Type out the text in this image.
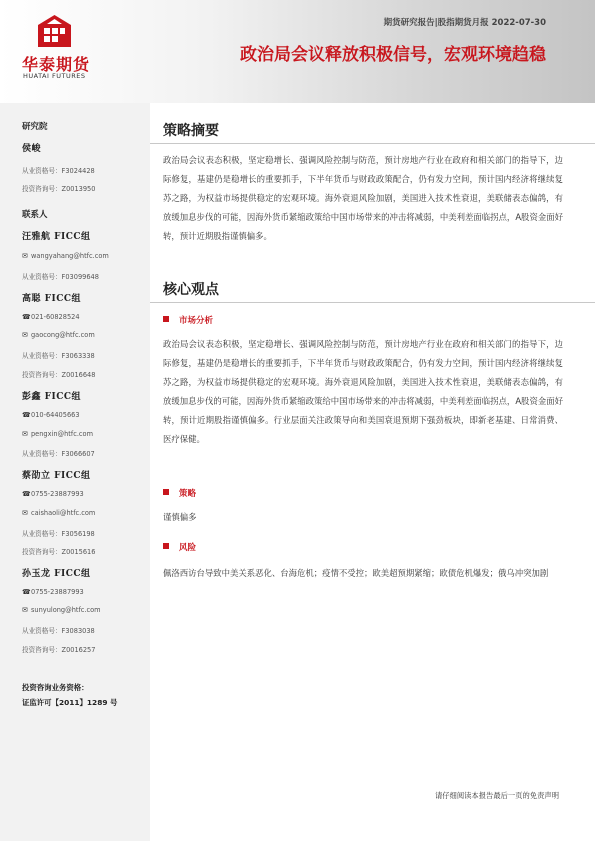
华泰期货
HUATAI FUTURES
期货研究报告|股指期货月报 2022-07-30
政治局会议释放积极信号，宏观环境趋稳
研究院
侯峻
从业资格号：F3024428
投资咨询号：Z0013950
联系人
汪雅航 FICC组
✉ wangyahang@htfc.com
从业资格号：F03099648
高聪 FICC组
☎021-60828524
✉ gaocong@htfc.com
从业资格号：F3063338
投资咨询号：Z0016648
彭鑫 FICC组
☎010-64405663
✉ pengxin@htfc.com
从业资格号：F3066607
蔡劭立 FICC组
☎0755-23887993
✉ caishaoli@htfc.com
从业资格号：F3056198
投资咨询号：Z0015616
孙玉龙 FICC组
☎0755-23887993
✉ sunyulong@htfc.com
从业资格号：F3083038
投资咨询号：Z0016257
投资咨询业务资格：
证监许可【2011】1289 号
策略摘要
政治局会议表态积极，坚定稳增长、强调风险控制与防范，预计房地产行业在政府和相关部门的指导下，边际修复，基建仍是稳增长的重要抓手，下半年货币与财政政策配合，仍有发力空间，预计国内经济将继续复苏之路，为权益市场提供稳定的宏观环境。海外衰退风险加剧，美国进入技术性衰退，美联储表态偏鸽，有放缓加息步伐的可能，因海外货币紧缩政策给中国市场带来的冲击将减弱，中美利差面临拐点，A股资金面好转，预计近期股指谨慎偏多。
核心观点
市场分析
政治局会议表态积极，坚定稳增长、强调风险控制与防范，预计房地产行业在政府和相关部门的指导下，边际修复，基建仍是稳增长的重要抓手，下半年货币与财政政策配合，仍有发力空间，预计国内经济将继续复苏之路，为权益市场提供稳定的宏观环境。海外衰退风险加剧，美国进入技术性衰退，美联储表态偏鸽，有放缓加息步伐的可能，因海外货币紧缩政策给中国市场带来的冲击将减弱，中美利差面临拐点，A股资金面好转，预计近期股指谨慎偏多。行业层面关注政策导向和美国衰退预期下强劲板块，即新老基建、日常消费、医疗保健。
策略
谨慎偏多
风险
佩洛西访台导致中美关系恶化、台海危机；疫情不受控；欧美超预期紧缩；欧债危机爆发；俄乌冲突加剧
请仔细阅读本报告最后一页的免责声明
